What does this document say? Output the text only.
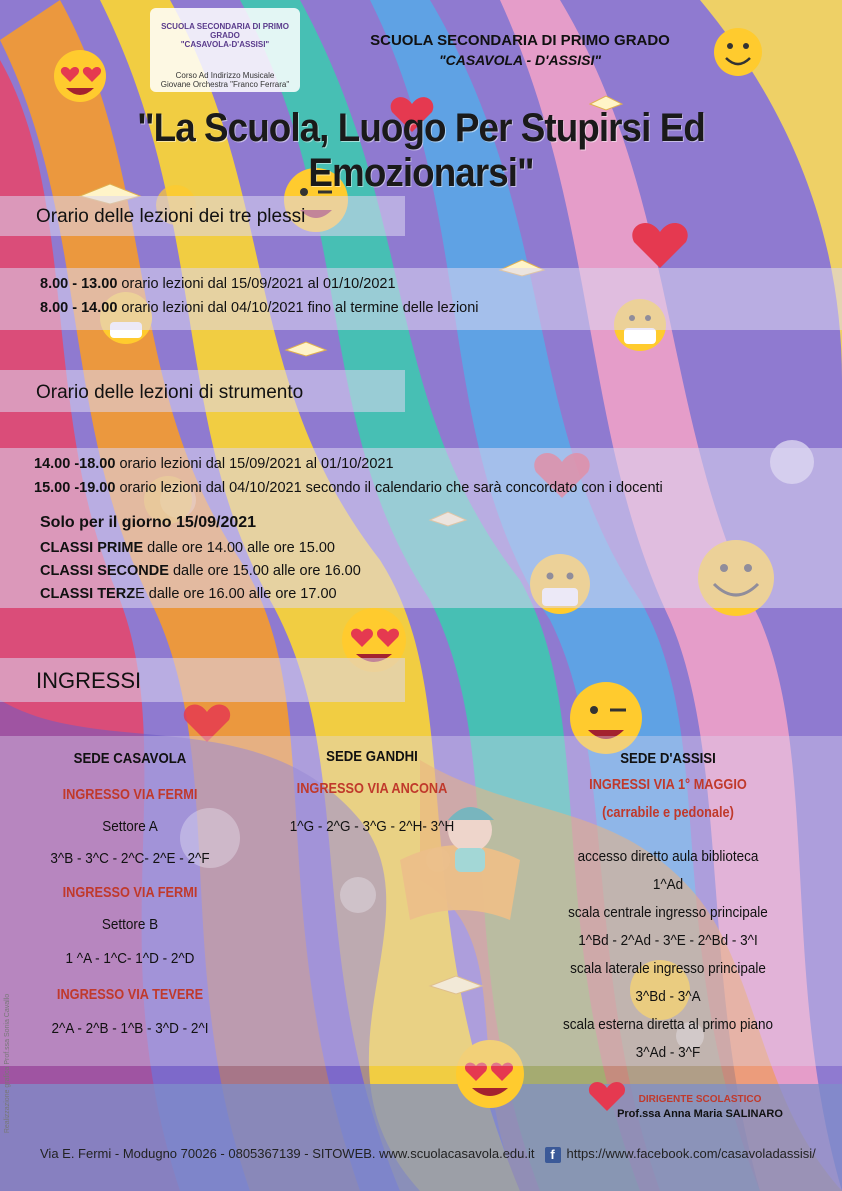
SCUOLA SECONDARIA DI PRIMO GRADO
"CASAVOLA-D'ASSISI"
Corso Ad Indirizzo Musicale
Giovane Orchestra "Franco Ferrara"
SCUOLA SECONDARIA DI PRIMO GRADO
"CASAVOLA - D'ASSISI"
"La Scuola, Luogo Per Stupirsi Ed Emozionarsi"
Orario delle lezioni dei tre plessi
8.00 - 13.00 orario lezioni dal 15/09/2021 al 01/10/2021
8.00 - 14.00 orario lezioni dal 04/10/2021 fino al termine delle lezioni
Orario delle lezioni di strumento
14.00 -18.00 orario lezioni dal 15/09/2021 al 01/10/2021
15.00 -19.00 orario lezioni dal 04/10/2021 secondo il calendario che sarà concordato con i docenti
Solo per il giorno 15/09/2021
CLASSI PRIME dalle ore 14.00 alle ore 15.00
CLASSI SECONDE dalle ore 15.00 alle ore 16.00
CLASSI TERZE dalle ore 16.00 alle ore 17.00
INGRESSI
SEDE CASAVOLA
INGRESSO VIA FERMI
Settore A
3^B - 3^C - 2^C- 2^E - 2^F
INGRESSO VIA FERMI
Settore B
1 ^A - 1^C- 1^D - 2^D
INGRESSO VIA TEVERE
2^A - 2^B - 1^B - 3^D - 2^I
SEDE GANDHI
INGRESSO VIA ANCONA
1^G - 2^G - 3^G - 2^H- 3^H
SEDE D'ASSISI
INGRESSI VIA 1° MAGGIO
(carrabile e pedonale)
accesso diretto aula biblioteca
1^Ad
scala centrale ingresso principale
1^Bd - 2^Ad - 3^E - 2^Bd - 3^I
scala laterale ingresso principale
3^Bd - 3^A
scala esterna diretta al primo piano
3^Ad - 3^F
DIRIGENTE SCOLASTICO
Prof.ssa Anna Maria SALINARO
Realizzazione grafica Prof.ssa Sonia Cavallo
Via E. Fermi - Modugno 70026 - 0805367139 - SITOWEB. www.scuolacasavola.edu.it f https://www.facebook.com/casavoladassisi/
